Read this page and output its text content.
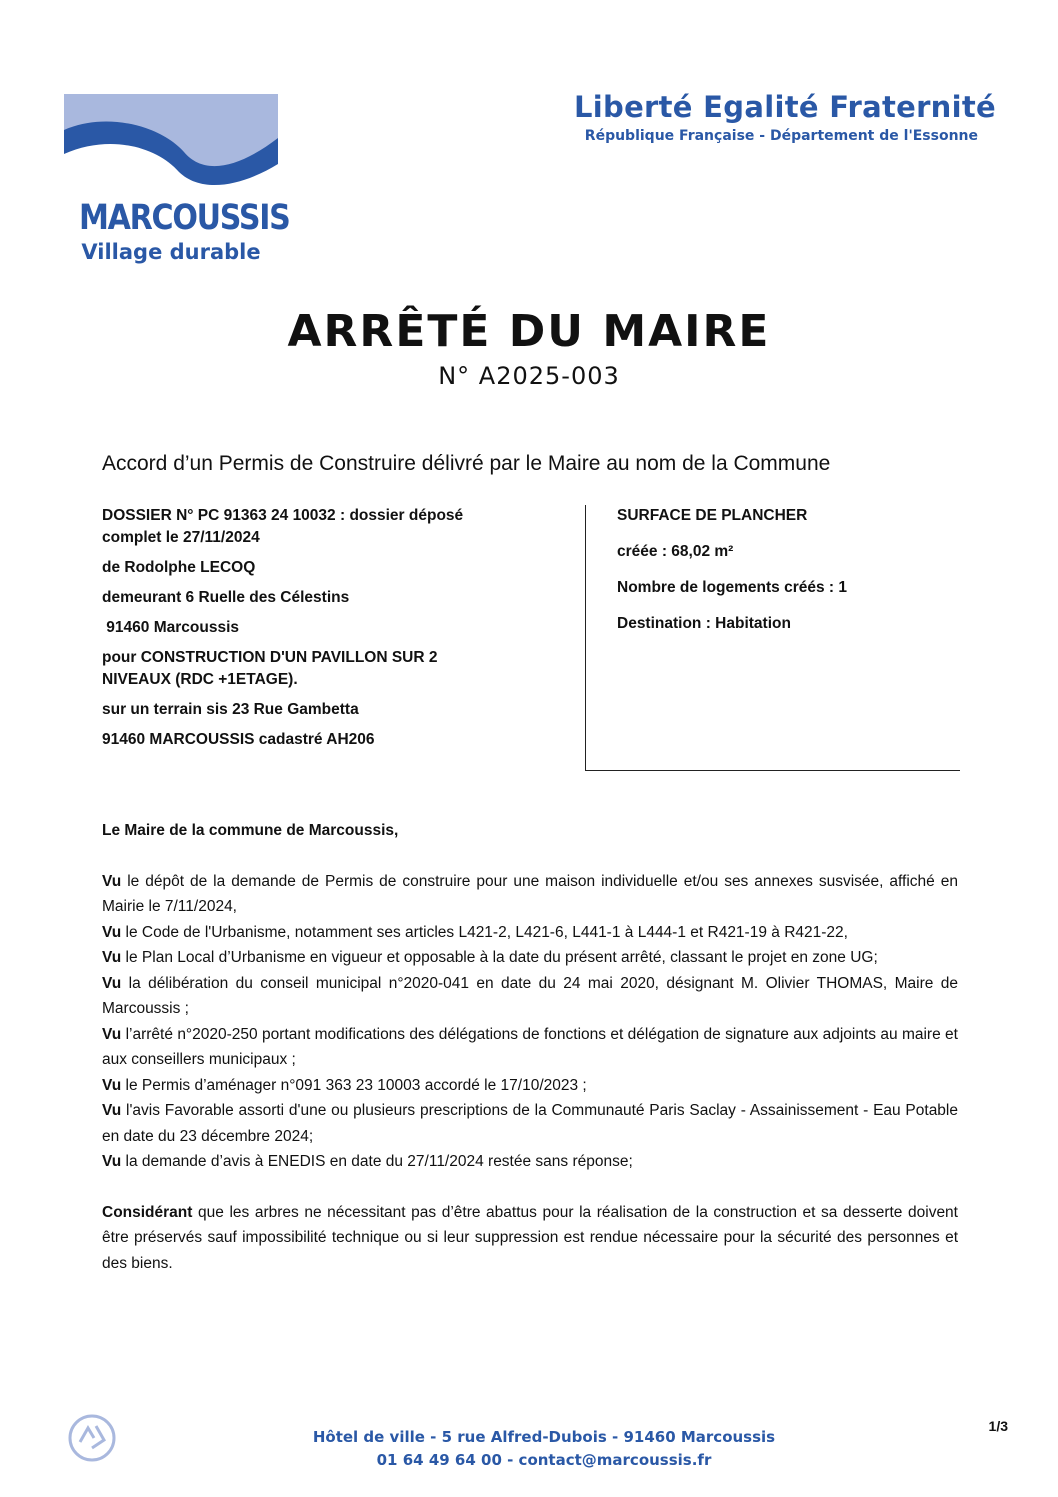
MARCOUSSIS
Village durable
Liberté Egalité Fraternité
République Française - Département de l'Essonne
ARRÊTÉ DU MAIRE
N° A2025-003
Accord d’un Permis de Construire délivré par le Maire au nom de la Commune

DOSSIER N° PC 91363 24 10032 : dossier déposé complet le 27/11/2024

de Rodolphe LECOQ

demeurant 6 Ruelle des Célestins

91460 Marcoussis

pour CONSTRUCTION D'UN PAVILLON SUR 2 NIVEAUX (RDC +1ETAGE).

sur un terrain sis 23 Rue Gambetta

91460 MARCOUSSIS cadastré AH206

SURFACE DE PLANCHER

créée : 68,02 m²

Nombre de logements créés : 1

Destination : Habitation

Le Maire de la commune de Marcoussis,

Vu le dépôt de la demande de Permis de construire pour une maison individuelle et/ou ses annexes susvisée, affiché en Mairie le 7/11/2024,

Vu le Code de l'Urbanisme, notamment ses articles L421-2, L421-6, L441-1 à L444-1 et R421-19 à R421-22,

Vu le Plan Local d’Urbanisme en vigueur et opposable à la date du présent arrêté, classant le projet en zone UG;

Vu la délibération du conseil municipal n°2020-041 en date du 24 mai 2020, désignant M. Olivier THOMAS, Maire de Marcoussis ;

Vu l’arrêté n°2020-250 portant modifications des délégations de fonctions et délégation de signature aux adjoints au maire et aux conseillers municipaux ;

Vu le Permis d’aménager n°091 363 23 10003 accordé le 17/10/2023 ;

Vu l'avis Favorable assorti d'une ou plusieurs prescriptions de la Communauté Paris Saclay - Assainissement - Eau Potable en date du 23 décembre 2024;

Vu la demande d’avis à ENEDIS en date du 27/11/2024 restée sans réponse;

Considérant que les arbres ne nécessitant pas d’être abattus pour la réalisation de la construction et sa desserte doivent être préservés sauf impossibilité technique ou si leur suppression est rendue nécessaire pour la sécurité des personnes et des biens.

1/3
Hôtel de ville - 5 rue Alfred-Dubois - 91460 Marcoussis
01 64 49 64 00 - contact@marcoussis.fr
